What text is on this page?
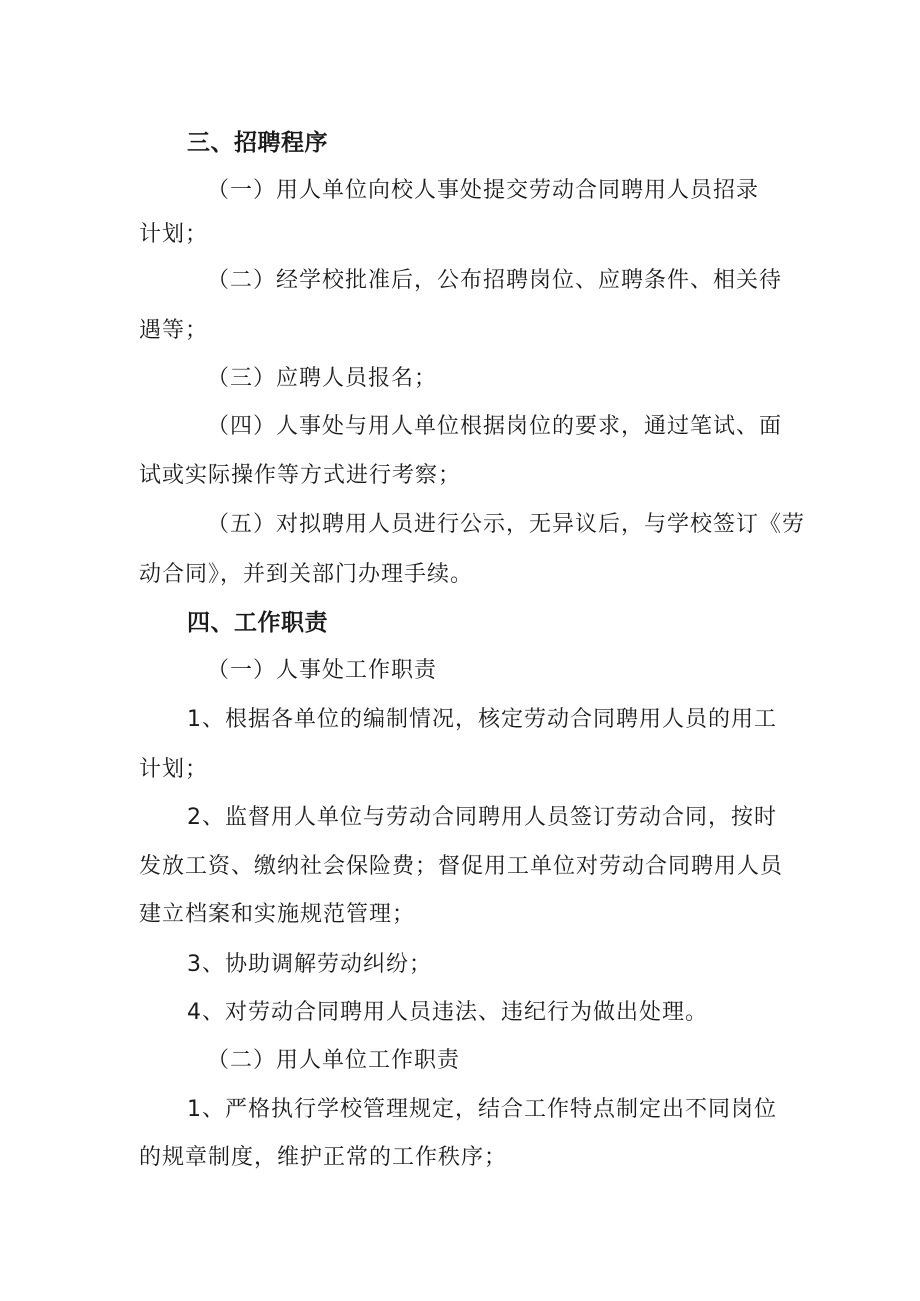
三、招聘程序
（一）用人单位向校人事处提交劳动合同聘用人员招录
计划；
（二）经学校批准后，公布招聘岗位、应聘条件、相关待
遇等；
（三）应聘人员报名；
（四）人事处与用人单位根据岗位的要求，通过笔试、面
试或实际操作等方式进行考察；
（五）对拟聘用人员进行公示，无异议后，与学校签订《劳
动合同》，并到关部门办理手续。
四、工作职责
（一）人事处工作职责
1、根据各单位的编制情况，核定劳动合同聘用人员的用工
计划；
2、监督用人单位与劳动合同聘用人员签订劳动合同，按时
发放工资、缴纳社会保险费；督促用工单位对劳动合同聘用人员
建立档案和实施规范管理；
3、协助调解劳动纠纷；
4、对劳动合同聘用人员违法、违纪行为做出处理。
（二）用人单位工作职责
1、严格执行学校管理规定，结合工作特点制定出不同岗位
的规章制度，维护正常的工作秩序；
